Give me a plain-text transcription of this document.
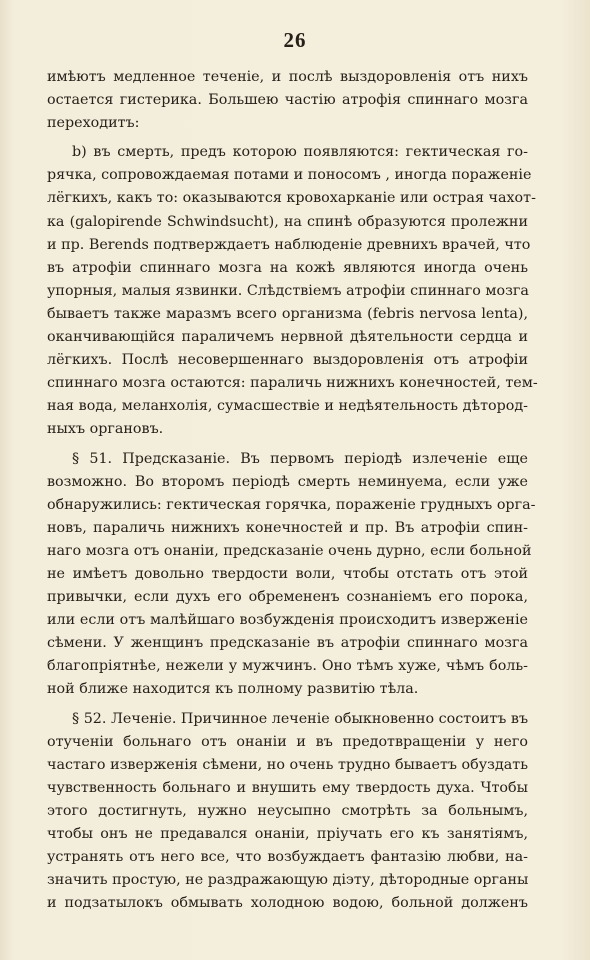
26
имѣютъ медленное теченіе, и послѣ выздоровленія отъ нихъ
остается гистерика. Большею частію атрофія спиннаго мозга
переходитъ:
b) въ смерть, предъ которою появляются: гектическая го-
рячка, сопровождаемая потами и поносомъ , иногда пораженіе
лёгкихъ, какъ то: оказываются кровохарканіе или острая чахот-
ка (galopirende Schwindsucht), на спинѣ образуются пролежни
и пр. Berends подтверждаетъ наблюденіе древнихъ врачей, что
въ атрофіи спиннаго мозга на кожѣ являются иногда очень
упорныя, малыя язвинки. Слѣдствіемъ атрофіи спиннаго мозга
бываетъ также маразмъ всего организма (febris nervosa lenta),
оканчивающійся параличемъ нервной дѣятельности сердца и
лёгкихъ. Послѣ несовершеннаго выздоровленія отъ атрофіи
спиннаго мозга остаются: параличь нижнихъ конечностей, тем-
ная вода, меланхолія, сумасшествіе и недѣятельность дѣтород-
ныхъ органовъ.
§ 51. Предсказаніе. Въ первомъ періодѣ излеченіе еще
возможно. Во второмъ періодѣ смерть неминуема, если уже
обнаружились: гектическая горячка, пораженіе грудныхъ орга-
новъ, параличь нижнихъ конечностей и пр. Въ атрофіи спин-
наго мозга отъ онаніи, предсказаніе очень дурно, если больной
не имѣетъ довольно твердости воли, чтобы отстать отъ этой
привычки, если духъ его обремененъ сознаніемъ его порока,
или если отъ малѣйшаго возбужденія происходитъ изверженіе
сѣмени. У женщинъ предсказаніе въ атрофіи спиннаго мозга
благопріятнѣе, нежели у мужчинъ. Оно тѣмъ хуже, чѣмъ боль-
ной ближе находится къ полному развитію тѣла.
§ 52. Леченіе. Причинное леченіе обыкновенно состоитъ въ
отученіи больнаго отъ онаніи и въ предотвращеніи у него
частаго изверженія сѣмени, но очень трудно бываетъ обуздать
чувственность больнаго и внушить ему твердость духа. Чтобы
этого достигнуть, нужно неусыпно смотрѣть за больнымъ,
чтобы онъ не предавался онаніи, пріучать его къ занятіямъ,
устранять отъ него все, что возбуждаетъ фантазію любви, на-
значить простую, не раздражающую діэту, дѣтородные органы
и подзатылокъ обмывать холодною водою, больной долженъ
